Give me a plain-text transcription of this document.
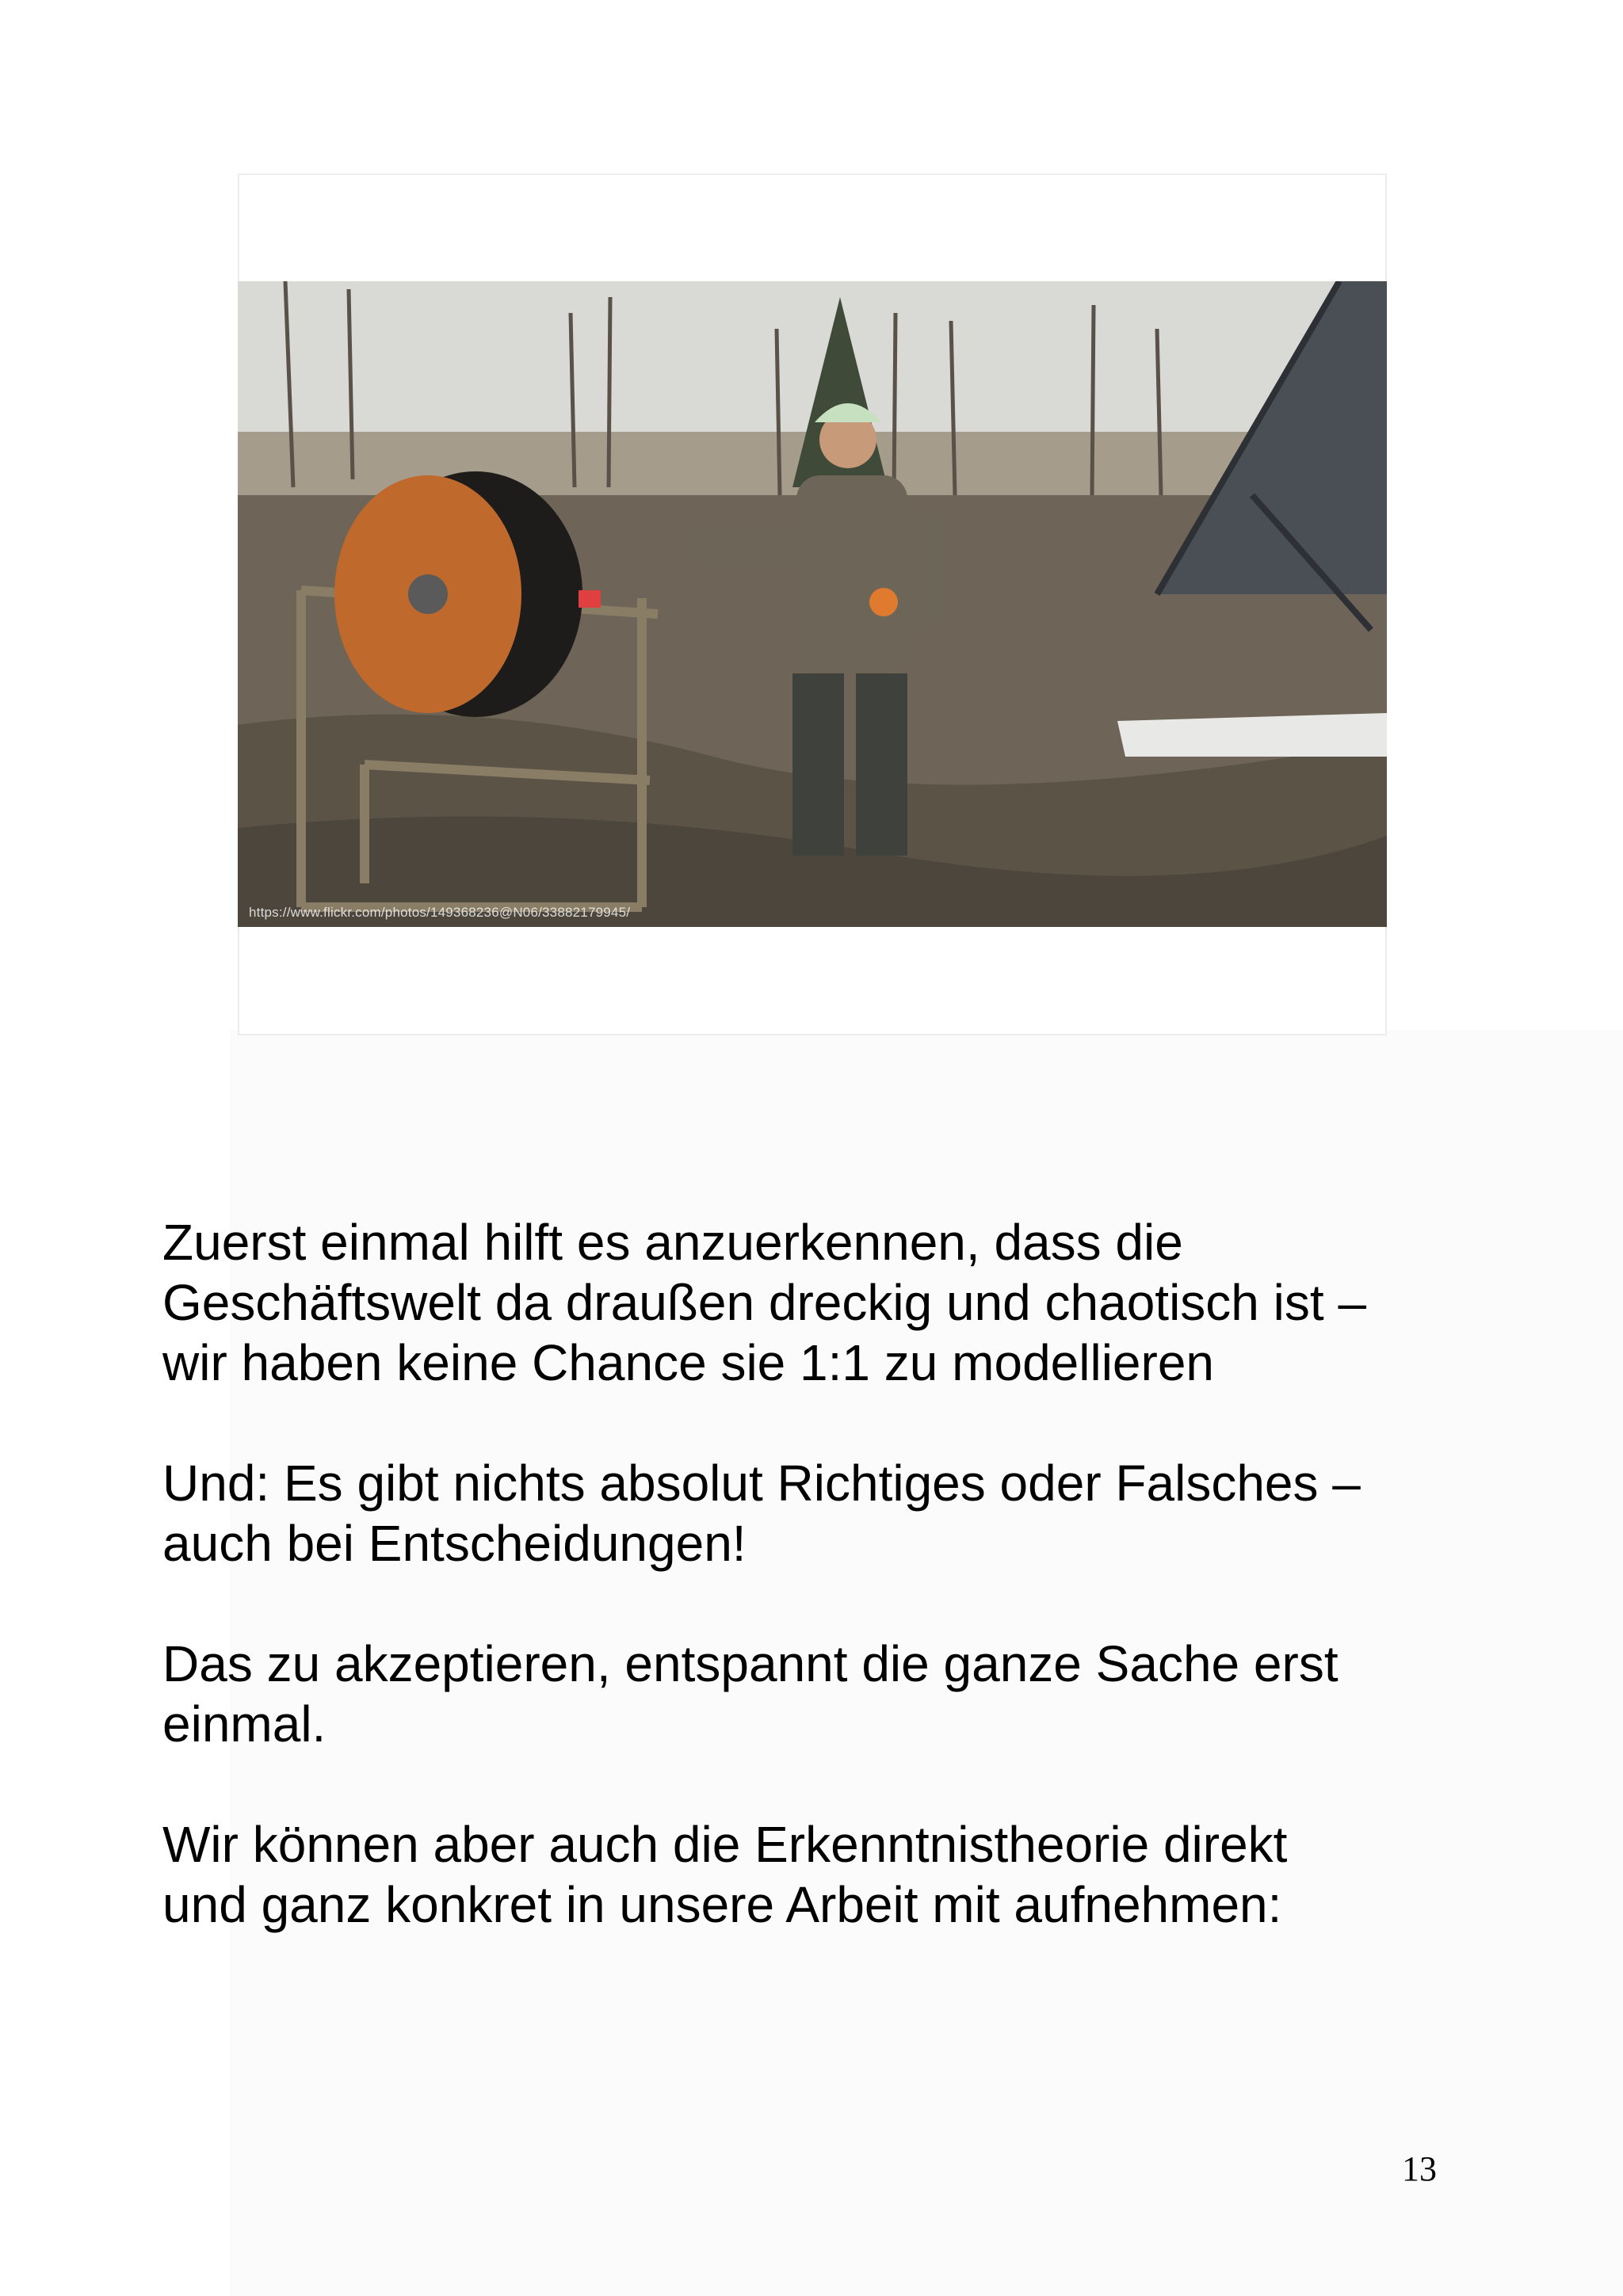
https://www.flickr.com/photos/149368236@N06/33882179945/

Zuerst einmal hilft es anzuerkennen, dass die
Geschäftswelt da draußen dreckig und chaotisch ist –
wir haben keine Chance sie 1:1 zu modellieren

Und: Es gibt nichts absolut Richtiges oder Falsches –
auch bei Entscheidungen!

Das zu akzeptieren, entspannt die ganze Sache erst
einmal.

Wir können aber auch die Erkenntnistheorie direkt
und ganz konkret in unsere Arbeit mit aufnehmen:

13
